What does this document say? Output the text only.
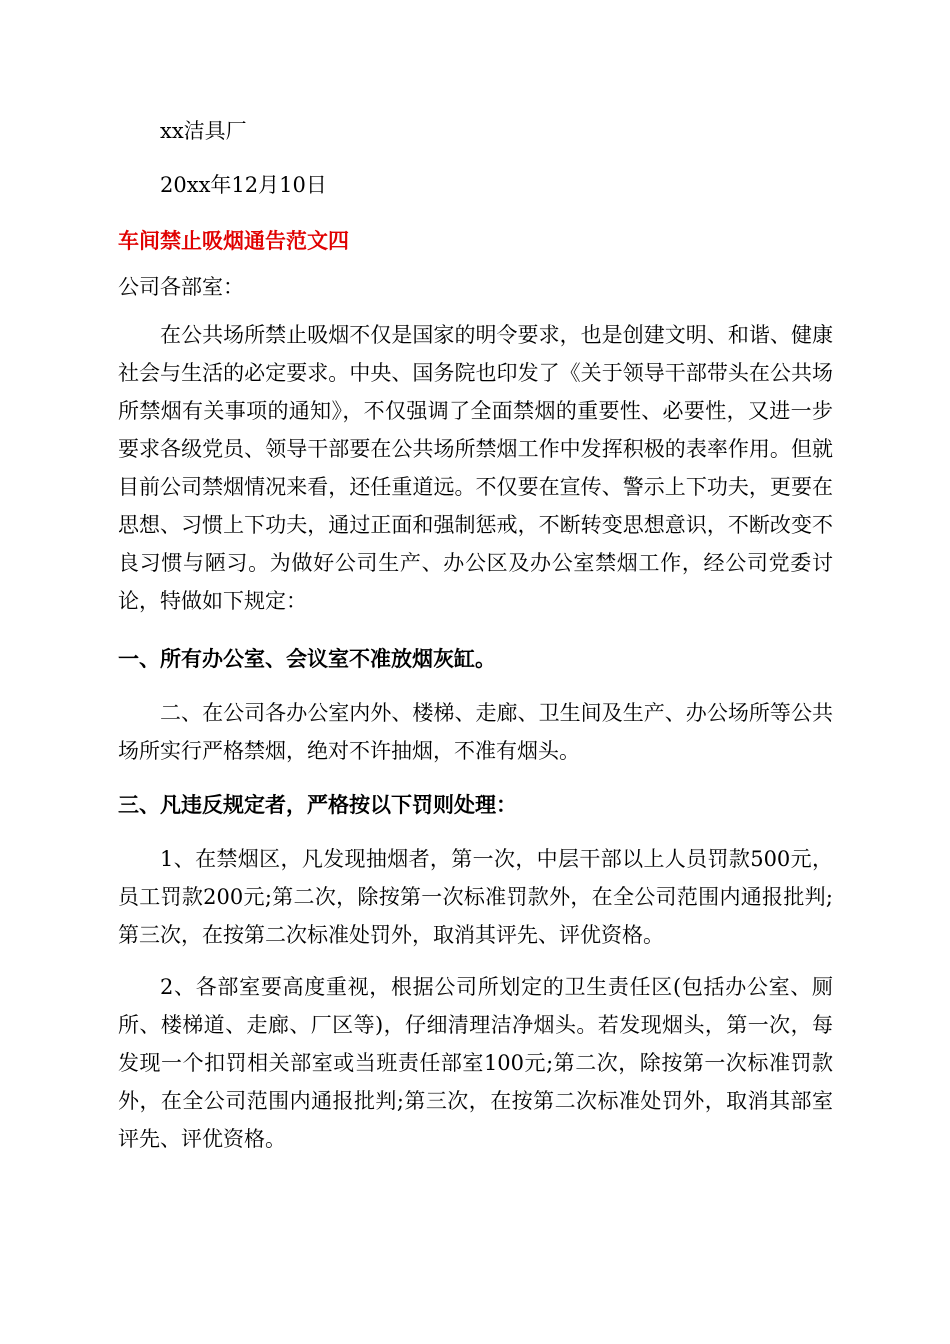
xx洁具厂

20xx年12月10日

车间禁止吸烟通告范文四

公司各部室：

在公共场所禁止吸烟不仅是国家的明令要求，也是创建文明、和谐、健康社会与生活的必定要求。中央、国务院也印发了《关于领导干部带头在公共场所禁烟有关事项的通知》，不仅强调了全面禁烟的重要性、必要性，又进一步要求各级党员、领导干部要在公共场所禁烟工作中发挥积极的表率作用。但就目前公司禁烟情况来看，还任重道远。不仅要在宣传、警示上下功夫，更要在思想、习惯上下功夫，通过正面和强制惩戒，不断转变思想意识，不断改变不良习惯与陋习。为做好公司生产、办公区及办公室禁烟工作，经公司党委讨论，特做如下规定：

一、所有办公室、会议室不准放烟灰缸。

二、在公司各办公室内外、楼梯、走廊、卫生间及生产、办公场所等公共场所实行严格禁烟，绝对不许抽烟，不准有烟头。

三、凡违反规定者，严格按以下罚则处理：

1、在禁烟区，凡发现抽烟者，第一次，中层干部以上人员罚款500元，员工罚款200元;第二次，除按第一次标准罚款外，在全公司范围内通报批判;第三次，在按第二次标准处罚外，取消其评先、评优资格。

2、各部室要高度重视，根据公司所划定的卫生责任区(包括办公室、厕所、楼梯道、走廊、厂区等)，仔细清理洁净烟头。若发现烟头，第一次，每发现一个扣罚相关部室或当班责任部室100元;第二次，除按第一次标准罚款外，在全公司范围内通报批判;第三次，在按第二次标准处罚外，取消其部室评先、评优资格。
